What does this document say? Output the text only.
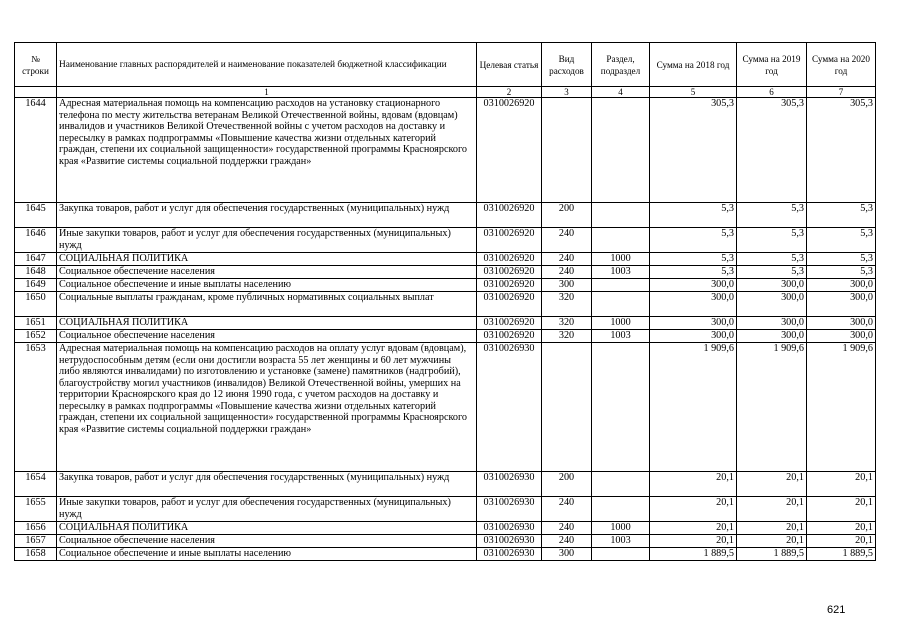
№ строки	Наименование главных распорядителей и наименование показателей бюджетной классификации	Целевая статья	Вид расходов	Раздел, подраздел	Сумма на 2018 год	Сумма на 2019 год	Сумма на 2020 год
	1	2	3	4	5	6	7
1644	Адресная материальная помощь на компенсацию расходов на установку стационарного телефона по месту жительства ветеранам Великой Отечественной войны, вдовам (вдовцам) инвалидов и участников Великой Отечественной войны с учетом расходов на доставку и пересылку в рамках подпрограммы «Повышение качества жизни отдельных категорий граждан, степени их социальной защищенности» государственной программы Красноярского края «Развитие системы социальной поддержки граждан»	0310026920			305,3	305,3	305,3
1645	Закупка товаров, работ и услуг для обеспечения государственных (муниципальных) нужд	0310026920	200		5,3	5,3	5,3
1646	Иные закупки товаров, работ и услуг для обеспечения государственных (муниципальных) нужд	0310026920	240		5,3	5,3	5,3
1647	СОЦИАЛЬНАЯ ПОЛИТИКА	0310026920	240	1000	5,3	5,3	5,3
1648	Социальное обеспечение населения	0310026920	240	1003	5,3	5,3	5,3
1649	Социальное обеспечение и иные выплаты населению	0310026920	300		300,0	300,0	300,0
1650	Социальные выплаты гражданам, кроме публичных нормативных социальных выплат	0310026920	320		300,0	300,0	300,0
1651	СОЦИАЛЬНАЯ ПОЛИТИКА	0310026920	320	1000	300,0	300,0	300,0
1652	Социальное обеспечение населения	0310026920	320	1003	300,0	300,0	300,0
1653	Адресная материальная помощь на компенсацию расходов на оплату услуг вдовам (вдовцам), нетрудоспособным детям (если они достигли возраста 55 лет женщины и 60 лет мужчины либо являются инвалидами) по изготовлению и установке (замене) памятников (надгробий), благоустройству могил участников (инвалидов) Великой Отечественной войны, умерших на территории Красноярского края до 12 июня 1990 года, с учетом расходов на доставку и пересылку в рамках подпрограммы «Повышение качества жизни отдельных категорий граждан, степени их социальной защищенности» государственной программы Красноярского края «Развитие системы социальной поддержки граждан»	0310026930			1 909,6	1 909,6	1 909,6
1654	Закупка товаров, работ и услуг для обеспечения государственных (муниципальных) нужд	0310026930	200		20,1	20,1	20,1
1655	Иные закупки товаров, работ и услуг для обеспечения государственных (муниципальных) нужд	0310026930	240		20,1	20,1	20,1
1656	СОЦИАЛЬНАЯ ПОЛИТИКА	0310026930	240	1000	20,1	20,1	20,1
1657	Социальное обеспечение населения	0310026930	240	1003	20,1	20,1	20,1
1658	Социальное обеспечение и иные выплаты населению	0310026930	300		1 889,5	1 889,5	1 889,5
621
